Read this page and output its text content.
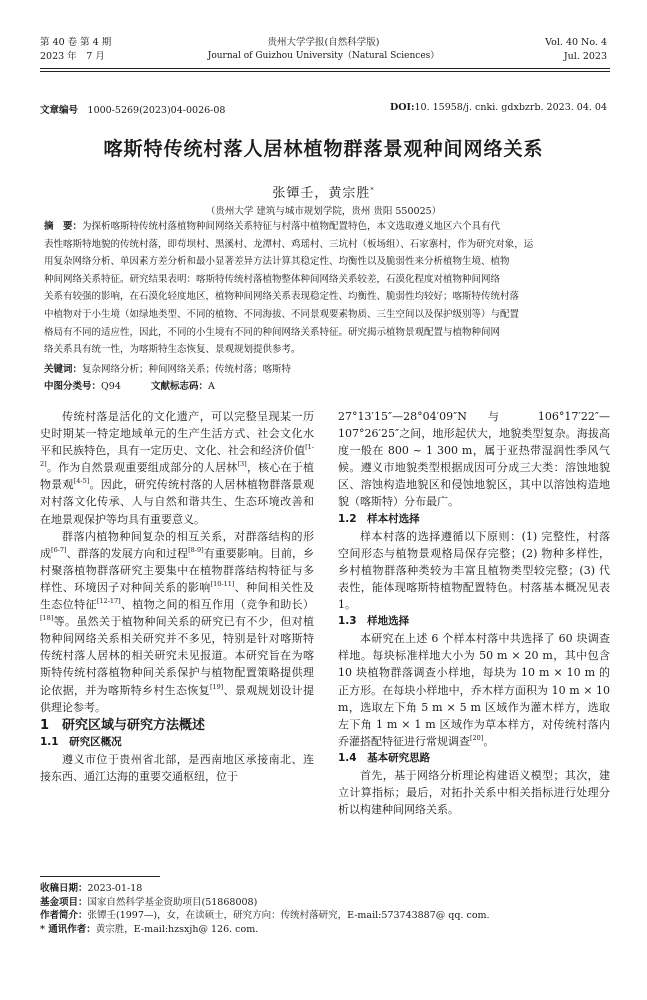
第 40 卷 第 4 期
2023 年　7 月
贵州大学学报(自然科学版)
Journal of Guizhou University（Natural Sciences）
Vol. 40 No. 4
Jul. 2023
文章编号　 1000-5269(2023)04-0026-08	DOI:10. 15958/j. cnki. gdxbzrb. 2023. 04. 04
喀斯特传统村落人居林植物群落景观种间网络关系
张镡壬，黄宗胜*
（贵州大学 建筑与城市规划学院，贵州 贵阳 550025）
摘　要：为探析喀斯特传统村落植物种间网络关系特征与村落中植物配置特色，本文选取遵义地区六个具有代
表性喀斯特地貌的传统村落，即苟坝村、黑溪村、龙潭村、鸡瑶村、三坑村（板场组）、石家寨村，作为研究对象，运
用复杂网络分析、单因素方差分析和最小显著差异方法计算其稳定性、均衡性以及脆弱性来分析植物生境、植物
种间网络关系特征。研究结果表明：喀斯特传统村落植物整体种间网络关系较差，石漠化程度对植物种间网络
关系有较强的影响，在石漠化轻度地区，植物种间网络关系表现稳定性、均衡性、脆弱性均较好；喀斯特传统村落
中植物对于小生境（如绿地类型、不同的植物、不同海拔、不同景观要素物质、三生空间以及保护级别等）与配置
格局有不同的适应性，因此，不同的小生境有不同的种间网络关系特征。研究揭示植物景观配置与植物种间网
络关系具有统一性，为喀斯特生态恢复、景观规划提供参考。
关键词：复杂网络分析；种间网络关系；传统村落；喀斯特
中图分类号：Q94	文献标志码：A

传统村落是活化的文化遗产，可以完整呈现某一历史时期某一特定地域单元的生产生活方式、社会文化水平和民族特色，具有一定历史、文化、社会和经济价值[1-2]。作为自然景观重要组成部分的人居林[3]，核心在于植物景观[4-5]。因此，研究传统村落的人居林植物群落景观对村落文化传承、人与自然和谐共生、生态环境改善和在地景观保护等均具有重要意义。

群落内植物种间复杂的相互关系，对群落结构的形成[6-7]、群落的发展方向和过程[8-9]有重要影响。目前，乡村聚落植物群落研究主要集中在植物群落结构特征与多样性、环境因子对种间关系的影响[10-11]、种间相关性及生态位特征[12-17]、植物之间的相互作用（竞争和助长）[18]等。虽然关于植物种间关系的研究已有不少，但对植物种间网络关系相关研究并不多见，特别是针对喀斯特传统村落人居林的相关研究未见报道。本研究旨在为喀斯特传统村落植物种间关系保护与植物配置策略提供理论依据，并为喀斯特乡村生态恢复[19]、景观规划设计提供理论参考。

1　研究区域与研究方法概述
1.1　研究区概况

遵义市位于贵州省北部，是西南地区承接南北、连接东西、通江达海的重要交通枢纽，位于

27°13′15″—28°04′09″N 与 106°17′22″—107°26′25″之间，地形起伏大，地貌类型复杂。海拔高度一般在 800 ~ 1 300 m，属于亚热带湿润性季风气候。遵义市地貌类型根据成因可分成三大类：溶蚀地貌区、溶蚀构造地貌区和侵蚀地貌区，其中以溶蚀构造地貌（喀斯特）分布最广。

1.2　样本村选择

样本村落的选择遵循以下原则：(1) 完整性，村落空间形态与植物景观格局保存完整；(2) 物种多样性，乡村植物群落种类较为丰富且植物类型较完整；(3) 代表性，能体现喀斯特植物配置特色。村落基本概况见表 1。

1.3　样地选择

本研究在上述 6 个样本村落中共选择了 60 块调查样地。每块标准样地大小为 50 m × 20 m，其中包含 10 块植物群落调查小样地，每块为 10 m × 10 m 的正方形。在每块小样地中，乔木样方面积为 10 m × 10 m，选取左下角 5 m × 5 m 区域作为灌木样方，选取左下角 1 m × 1 m 区域作为草本样方，对传统村落内乔灌搭配特征进行常规调查[20]。

1.4　基本研究思路

首先，基于网络分析理论构建语义模型；其次，建立计算指标；最后，对拓扑关系中相关指标进行处理分析以构建种间网络关系。

收稿日期：2023-01-18
基金项目：国家自然科学基金资助项目(51868008)
作者简介：张镡壬(1997—)，女，在读硕士，研究方向：传统村落研究，E-mail:573743887@ qq. com.
* 通讯作者：黄宗胜，E-mail:hzsxjh@ 126. com.
